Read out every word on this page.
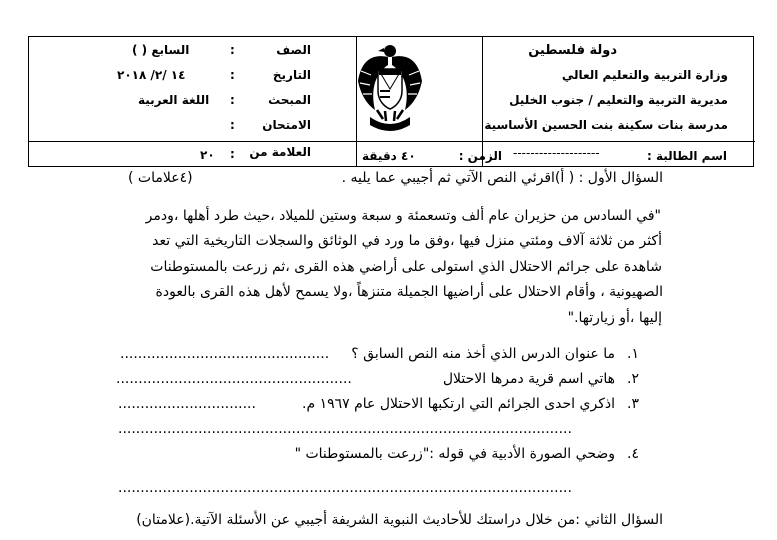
دولة فلسطين
وزارة التربية والتعليم العالي
مديرية التربية والتعليم / جنوب الخليل
مدرسة بنات سكينة بنت الحسين الأساسية
اسم الطالبة :
--------------------
الزمن :
٤٠ دقيقة
الصف
:
السابع ( )
التاريخ
:
١٤ /٢/ ٢٠١٨
المبحث
:
اللغة العربية
الامتحان
:
العلامة من
:
٢٠
السؤال الأول : ( أ)اقرئي النص الآتي ثم أجيبي عما يليه .
(٤علامات )
"في السادس من حزيران عام ألف وتسعمئة و سبعة وستين للميلاد ،حيث طرد أهلها ،ودمر
أكثر من ثلاثة آلاف ومئتي منزل فيها ،وفق ما ورد في الوثائق والسجلات التاريخية التي تعد
شاهدة على جرائم الاحتلال الذي استولى على أراضي هذه القرى ،ثم زرعت بالمستوطنات
الصهيونية ، وأقام الاحتلال على أراضيها الجميلة متنزهاً ،ولا يسمح لأهل هذه القرى بالعودة
إليها ،أو زيارتها."
١.
ما عنوان الدرس الذي أخذ منه النص السابق ؟
...............................................
٢.
هاتي اسم قرية دمرها الاحتلال
.....................................................
٣.
اذكري احدى الجرائم التي ارتكبها الاحتلال عام ١٩٦٧ م.
...............................
......................................................................................................
٤.
وضحي الصورة الأدبية في قوله :"زرعت بالمستوطنات "
......................................................................................................
السؤال الثاني :من خلال دراستك للأحاديث النبوية الشريفة أجيبي عن الأسئلة الآتية.(علامتان)
